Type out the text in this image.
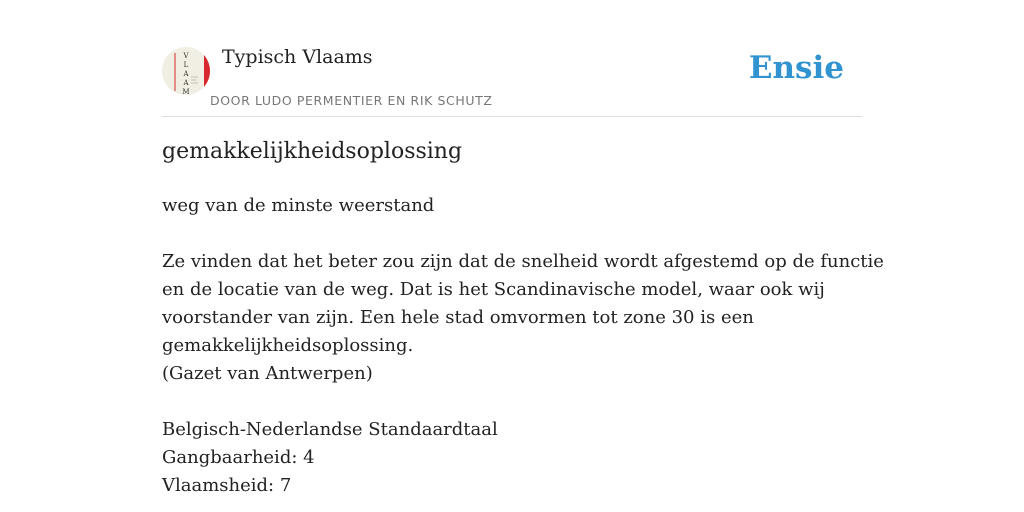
V
L
A
A
M
Typisch Vlaams
DOOR LUDO PERMENTIER EN RIK SCHUTZ
Ensie
gemakkelijkheidsoplossing
weg van de minste weerstand
Ze vinden dat het beter zou zijn dat de snelheid wordt afgestemd op de functie
en de locatie van de weg. Dat is het Scandinavische model, waar ook wij
voorstander van zijn. Een hele stad omvormen tot zone 30 is een
gemakkelijkheidsoplossing.
(Gazet van Antwerpen)
Belgisch-Nederlandse Standaardtaal
Gangbaarheid: 4
Vlaamsheid: 7
